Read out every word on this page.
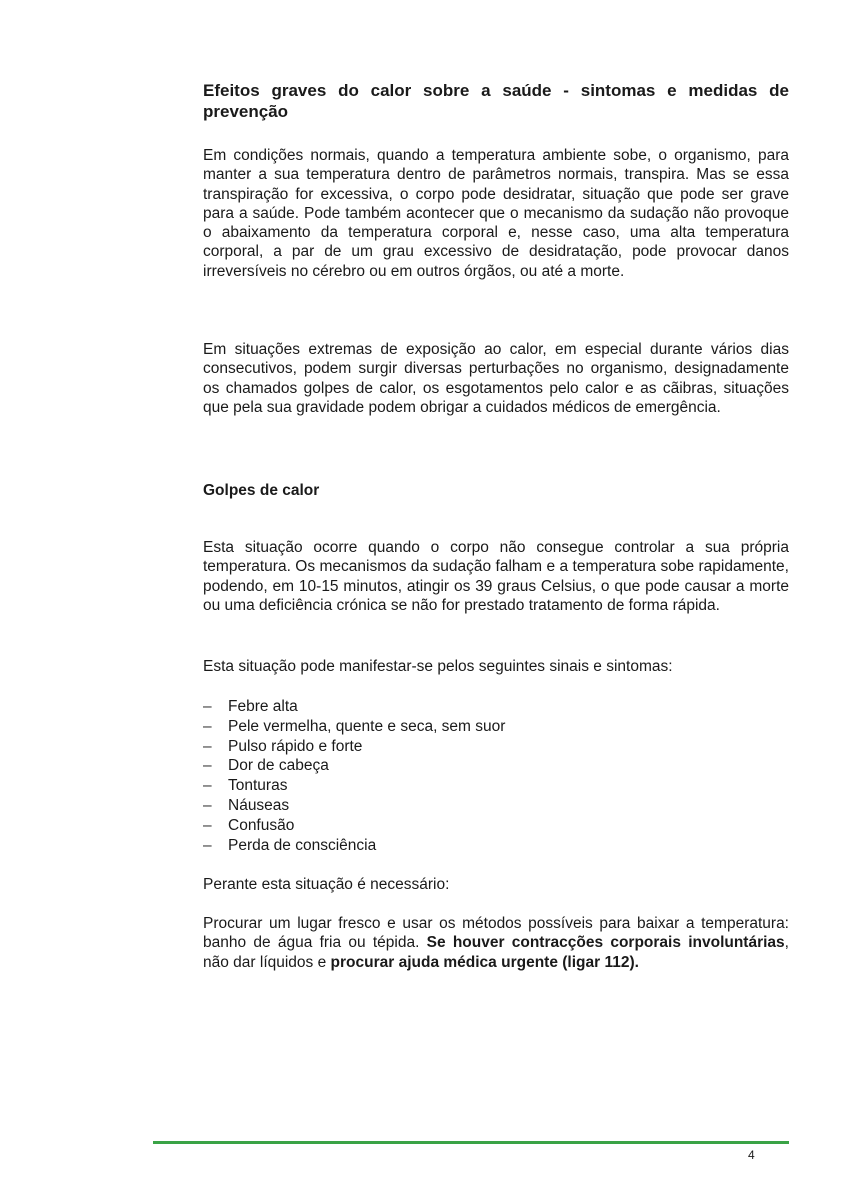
Efeitos graves do calor sobre a saúde - sintomas e medidas de prevenção

Em condições normais, quando a temperatura ambiente sobe, o organismo, para manter a sua temperatura dentro de parâmetros normais, transpira. Mas se essa transpiração for excessiva, o corpo pode desidratar, situação que pode ser grave para a saúde. Pode também acontecer que o mecanismo da sudação não provoque o abaixamento da temperatura corporal e, nesse caso, uma alta temperatura corporal, a par de um grau excessivo de desidratação, pode provocar danos irreversíveis no cérebro ou em outros órgãos, ou até a morte.

Em situações extremas de exposição ao calor, em especial durante vários dias consecutivos, podem surgir diversas perturbações no organismo, designadamente os chamados golpes de calor, os esgotamentos pelo calor e as cãibras, situações que pela sua gravidade podem obrigar a cuidados médicos de emergência.

Golpes de calor

Esta situação ocorre quando o corpo não consegue controlar a sua própria temperatura. Os mecanismos da sudação falham e a temperatura sobe rapidamente, podendo, em 10-15 minutos, atingir os 39 graus Celsius, o que pode causar a morte ou uma deficiência crónica se não for prestado tratamento de forma rápida.

Esta situação pode manifestar-se pelos seguintes sinais e sintomas:

– Febre alta
– Pele vermelha, quente e seca, sem suor
– Pulso rápido e forte
– Dor de cabeça
– Tonturas
– Náuseas
– Confusão
– Perda de consciência

Perante esta situação é necessário:

Procurar um lugar fresco e usar os métodos possíveis para baixar a temperatura: banho de água fria ou tépida. Se houver contracções corporais involuntárias, não dar líquidos e procurar ajuda médica urgente (ligar 112).

4
